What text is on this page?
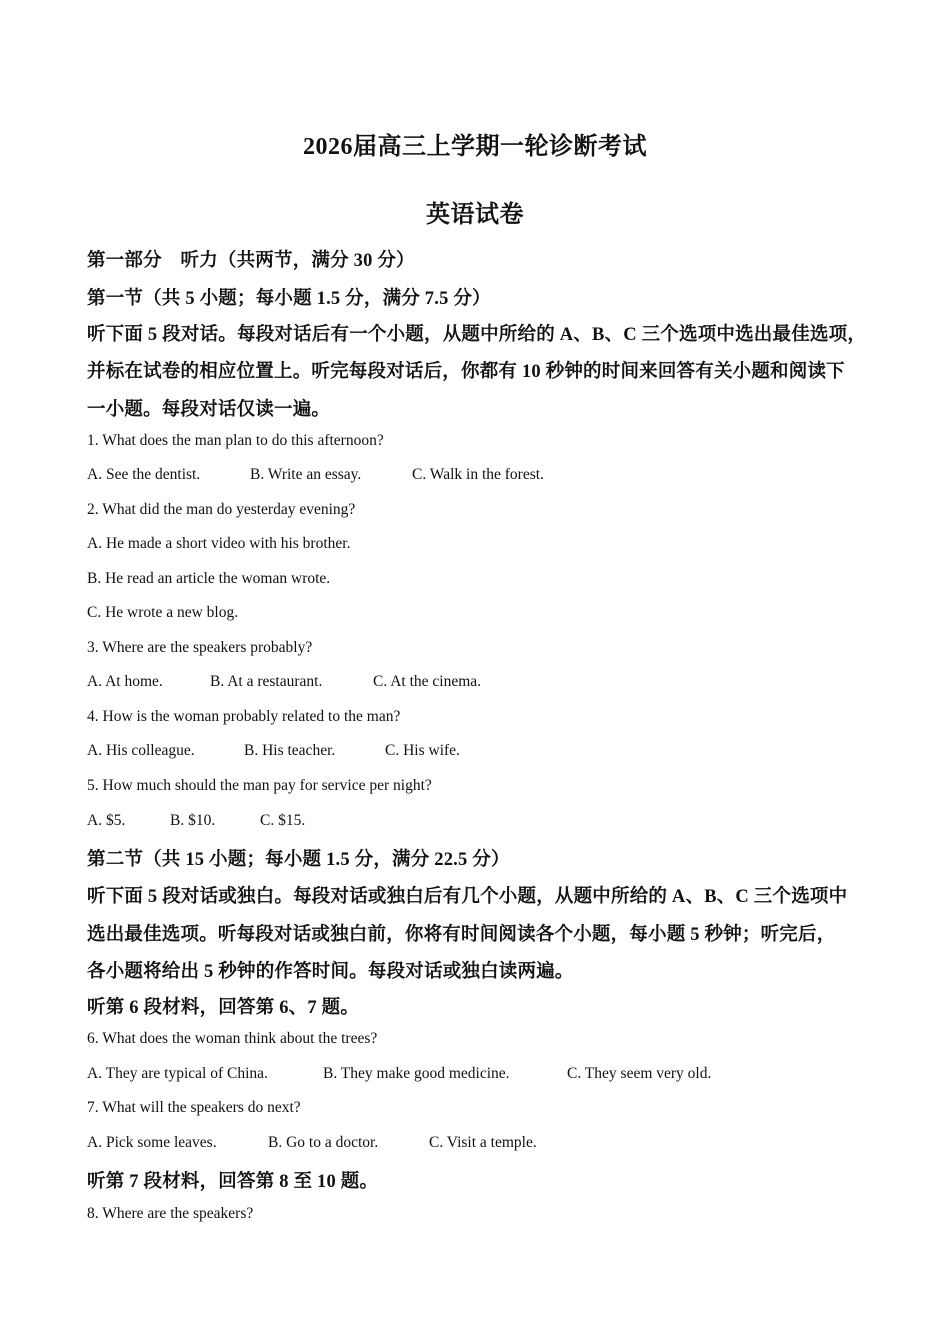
2026届高三上学期一轮诊断考试
英语试卷
第一部分　听力（共两节，满分 30 分）
第一节（共 5 小题；每小题 1.5 分，满分 7.5 分）
听下面 5 段对话。每段对话后有一个小题，从题中所给的 A、B、C 三个选项中选出最佳选项，
并标在试卷的相应位置上。听完每段对话后，你都有 10 秒钟的时间来回答有关小题和阅读下
一小题。每段对话仅读一遍。
1. What does the man plan to do this afternoon?
A. See the dentist.	B. Write an essay.	C. Walk in the forest.
2. What did the man do yesterday evening?
A. He made a short video with his brother.
B. He read an article the woman wrote.
C. He wrote a new blog.
3. Where are the speakers probably?
A. At home.	B. At a restaurant.	C. At the cinema.
4. How is the woman probably related to the man?
A. His colleague.	B. His teacher.	C. His wife.
5. How much should the man pay for service per night?
A. $5.	B. $10.	C. $15.
第二节（共 15 小题；每小题 1.5 分，满分 22.5 分）
听下面 5 段对话或独白。每段对话或独白后有几个小题，从题中所给的 A、B、C 三个选项中
选出最佳选项。听每段对话或独白前，你将有时间阅读各个小题，每小题 5 秒钟；听完后，
各小题将给出 5 秒钟的作答时间。每段对话或独白读两遍。
听第 6 段材料，回答第 6、7 题。
6. What does the woman think about the trees?
A. They are typical of China.	B. They make good medicine.	C. They seem very old.
7. What will the speakers do next?
A. Pick some leaves.	B. Go to a doctor.	C. Visit a temple.
听第 7 段材料，回答第 8 至 10 题。
8. Where are the speakers?
